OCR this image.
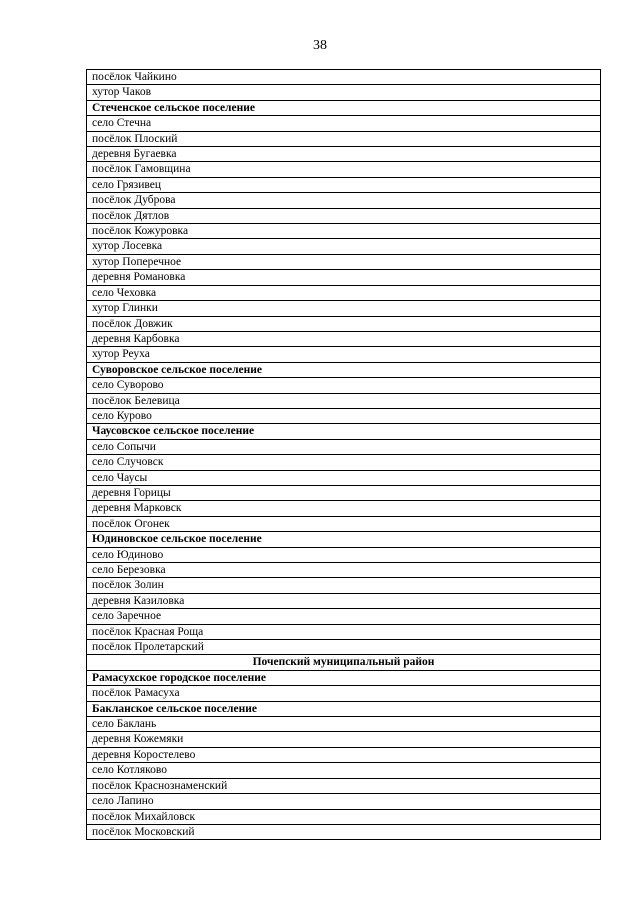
38
посёлок Чайкино
хутор Чаков
Стеченское сельское поселение
село Стечна
посёлок Плоский
деревня Бугаевка
посёлок Гамовщина
село Грязивец
посёлок Дуброва
посёлок Дятлов
посёлок Кожуровка
хутор Лосевка
хутор Поперечное
деревня Романовка
село Чеховка
хутор Глинки
посёлок Довжик
деревня Карбовка
хутор Реуха
Суворовское сельское поселение
село Суворово
посёлок Белевица
село Курово
Чаусовское сельское поселение
село Сопычи
село Случовск
село Чаусы
деревня Горицы
деревня Марковск
посёлок Огонек
Юдиновское сельское поселение
село Юдиново
село Березовка
посёлок Золин
деревня Казиловка
село Заречное
посёлок Красная Роща
посёлок Пролетарский
Почепский муниципальный район
Рамасухское городское поселение
посёлок Рамасуха
Бакланское сельское поселение
село Баклань
деревня Кожемяки
деревня Коростелево
село Котляково
посёлок Краснознаменский
село Лапино
посёлок Михайловск
посёлок Московский
